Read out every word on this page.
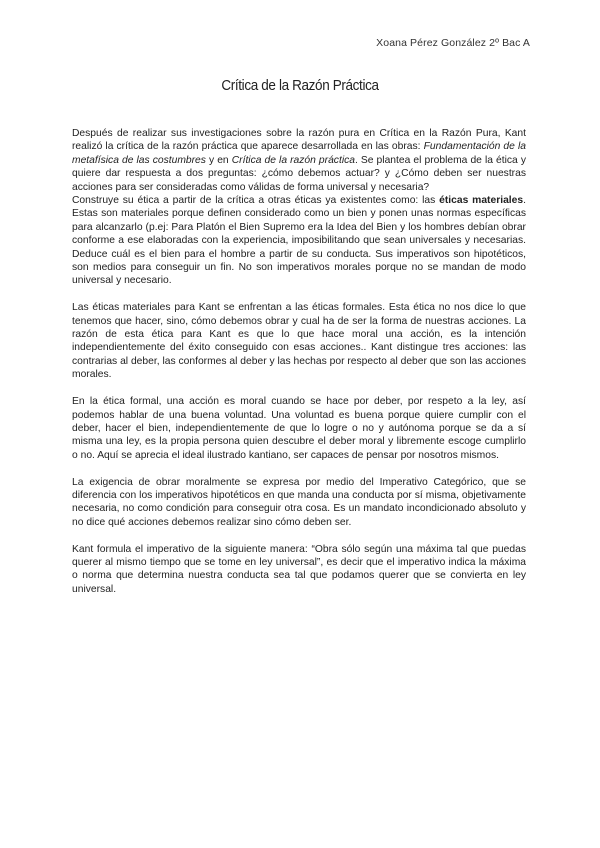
Xoana Pérez González 2º Bac A
Crítica de la Razón Práctica

Después de realizar sus investigaciones sobre la razón pura en Crítica en la Razón Pura, Kant realizó la crítica de la razón práctica que aparece desarrollada en las obras: Fundamentación de la metafísica de las costumbres y en Crítica de la razón práctica. Se plantea el problema de la ética y quiere dar respuesta a dos preguntas: ¿cómo debemos actuar? y ¿Cómo deben ser nuestras acciones para ser consideradas como válidas de forma universal y necesaria?

Construye su ética a partir de la crítica a otras éticas ya existentes como: las éticas materiales. Estas son materiales porque definen considerado como un bien y ponen unas normas específicas para alcanzarlo (p.ej: Para Platón el Bien Supremo era la Idea del Bien y los hombres debían obrar conforme a ese elaboradas con la experiencia, imposibilitando que sean universales y necesarias. Deduce cuál es el bien para el hombre a partir de su conducta. Sus imperativos son hipotéticos, son medios para conseguir un fin. No son imperativos morales porque no se mandan de modo universal y necesario.

Las éticas materiales para Kant se enfrentan a las éticas formales. Esta ética no nos dice lo que tenemos que hacer, sino, cómo debemos obrar y cual ha de ser la forma de nuestras acciones. La razón de esta ética para Kant es que lo que hace moral una acción, es la intención independientemente del éxito conseguido con esas acciones.. Kant distingue tres acciones: las contrarias al deber, las conformes al deber y las hechas por respecto al deber que son las acciones morales.

En la ética formal, una acción es moral cuando se hace por deber, por respeto a la ley, así podemos hablar de una buena voluntad. Una voluntad es buena porque quiere cumplir con el deber, hacer el bien, independientemente de que lo logre o no y autónoma porque se da a sí misma una ley, es la propia persona quien descubre el deber moral y libremente escoge cumplirlo o no. Aquí se aprecia el ideal ilustrado kantiano, ser capaces de pensar por nosotros mismos.

La exigencia de obrar moralmente se expresa por medio del Imperativo Categórico, que se diferencia con los imperativos hipotéticos en que manda una conducta por sí misma, objetivamente necesaria, no como condición para conseguir otra cosa. Es un mandato incondicionado absoluto y no dice qué acciones debemos realizar sino cómo deben ser.

Kant formula el imperativo de la siguiente manera: “Obra sólo según una máxima tal que puedas querer al mismo tiempo que se tome en ley universal”, es decir que el imperativo indica la máxima o norma que determina nuestra conducta sea tal que podamos querer que se convierta en ley universal.
